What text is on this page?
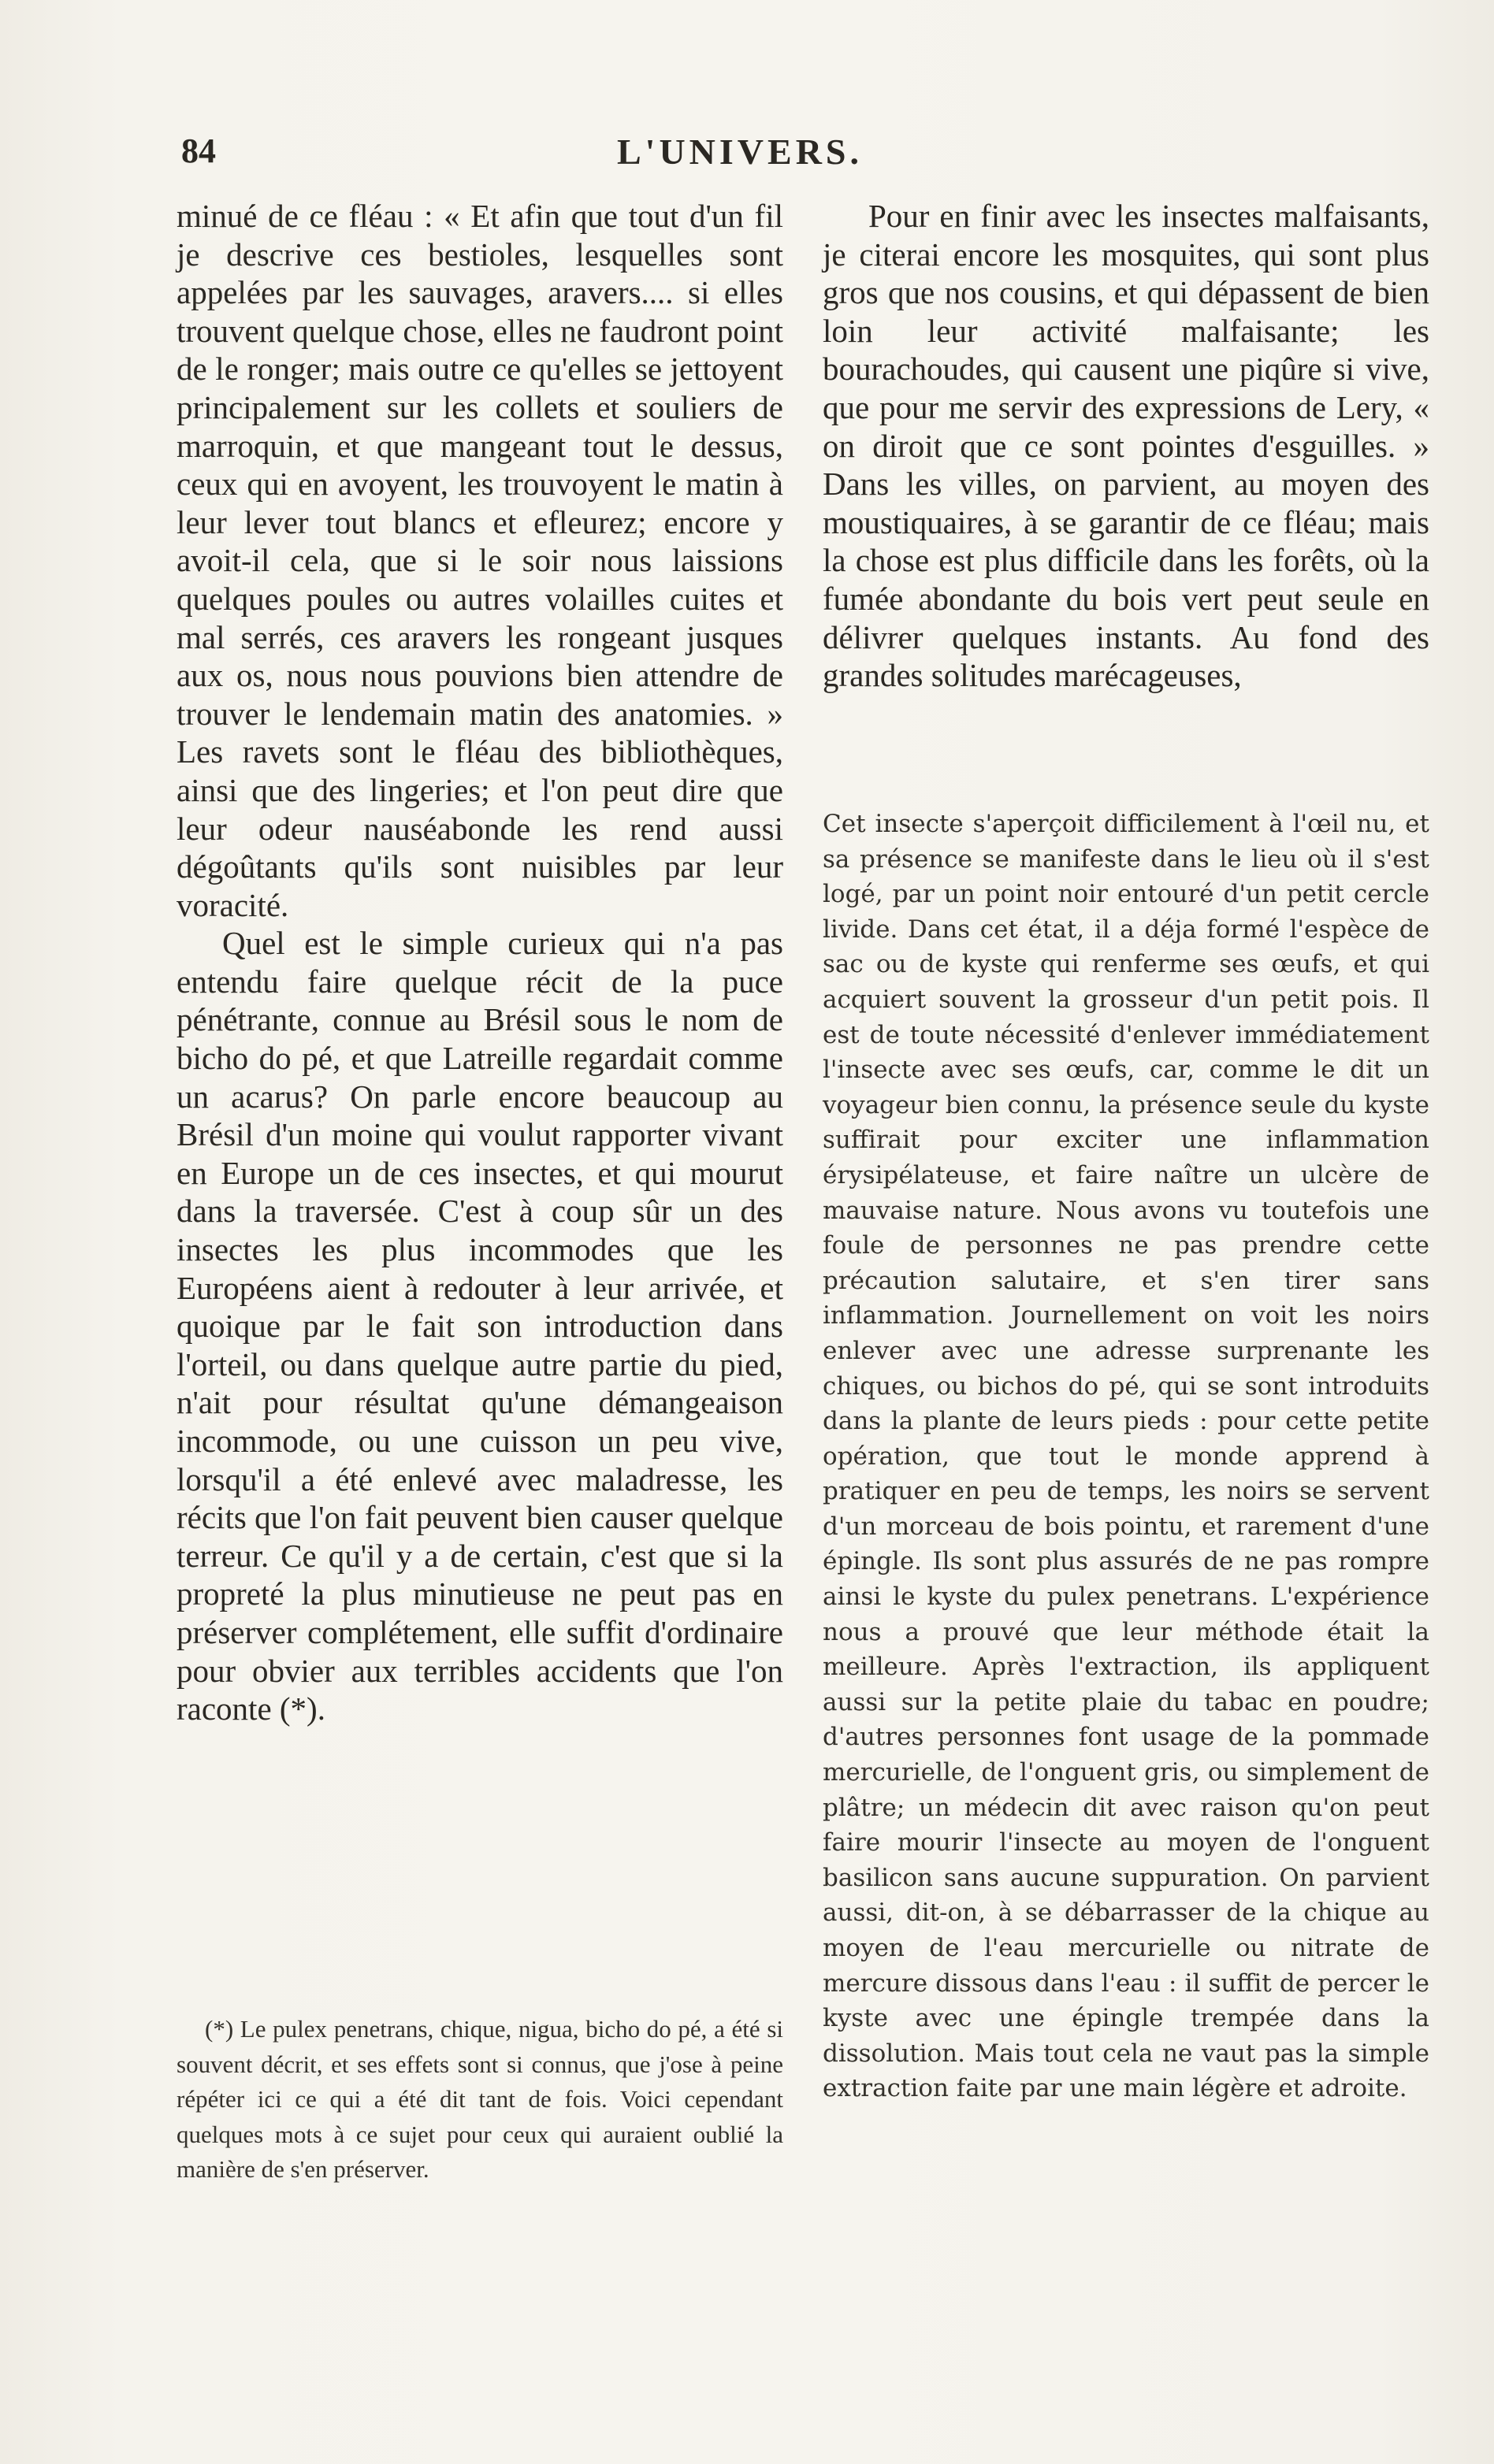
84	L'UNIVERS.

minué de ce fléau : « Et afin que tout d'un fil je descrive ces bestioles, lesquelles sont appelées par les sauvages, aravers.... si elles trouvent quelque chose, elles ne faudront point de le ronger; mais outre ce qu'elles se jettoyent principalement sur les collets et souliers de marroquin, et que mangeant tout le dessus, ceux qui en avoyent, les trouvoyent le matin à leur lever tout blancs et efleurez; encore y avoit-il cela, que si le soir nous laissions quelques poules ou autres volailles cuites et mal serrés, ces aravers les rongeant jusques aux os, nous nous pouvions bien attendre de trouver le lendemain matin des anatomies. » Les ravets sont le fléau des bibliothèques, ainsi que des lingeries; et l'on peut dire que leur odeur nauséabonde les rend aussi dégoûtants qu'ils sont nuisibles par leur voracité.

Quel est le simple curieux qui n'a pas entendu faire quelque récit de la puce pénétrante, connue au Brésil sous le nom de bicho do pé, et que Latreille regardait comme un acarus? On parle encore beaucoup au Brésil d'un moine qui voulut rapporter vivant en Europe un de ces insectes, et qui mourut dans la traversée. C'est à coup sûr un des insectes les plus incommodes que les Européens aient à redouter à leur arrivée, et quoique par le fait son introduction dans l'orteil, ou dans quelque autre partie du pied, n'ait pour résultat qu'une démangeaison incommode, ou une cuisson un peu vive, lorsqu'il a été enlevé avec maladresse, les récits que l'on fait peuvent bien causer quelque terreur. Ce qu'il y a de certain, c'est que si la propreté la plus minutieuse ne peut pas en préserver complétement, elle suffit d'ordinaire pour obvier aux terribles accidents que l'on raconte (*).

(*) Le pulex penetrans, chique, nigua, bicho do pé, a été si souvent décrit, et ses effets sont si connus, que j'ose à peine répéter ici ce qui a été dit tant de fois. Voici cependant quelques mots à ce sujet pour ceux qui auraient oublié la manière de s'en préserver.

Pour en finir avec les insectes malfaisants, je citerai encore les mosquites, qui sont plus gros que nos cousins, et qui dépassent de bien loin leur activité malfaisante; les bourachoudes, qui causent une piqûre si vive, que pour me servir des expressions de Lery, « on diroit que ce sont pointes d'esguilles. » Dans les villes, on parvient, au moyen des moustiquaires, à se garantir de ce fléau; mais la chose est plus difficile dans les forêts, où la fumée abondante du bois vert peut seule en délivrer quelques instants. Au fond des grandes solitudes marécageuses,

Cet insecte s'aperçoit difficilement à l'œil nu, et sa présence se manifeste dans le lieu où il s'est logé, par un point noir entouré d'un petit cercle livide. Dans cet état, il a déja formé l'espèce de sac ou de kyste qui renferme ses œufs, et qui acquiert souvent la grosseur d'un petit pois. Il est de toute nécessité d'enlever immédiatement l'insecte avec ses œufs, car, comme le dit un voyageur bien connu, la présence seule du kyste suffirait pour exciter une inflammation érysipélateuse, et faire naître un ulcère de mauvaise nature. Nous avons vu toutefois une foule de personnes ne pas prendre cette précaution salutaire, et s'en tirer sans inflammation. Journellement on voit les noirs enlever avec une adresse surprenante les chiques, ou bichos do pé, qui se sont introduits dans la plante de leurs pieds : pour cette petite opération, que tout le monde apprend à pratiquer en peu de temps, les noirs se servent d'un morceau de bois pointu, et rarement d'une épingle. Ils sont plus assurés de ne pas rompre ainsi le kyste du pulex penetrans. L'expérience nous a prouvé que leur méthode était la meilleure. Après l'extraction, ils appliquent aussi sur la petite plaie du tabac en poudre; d'autres personnes font usage de la pommade mercurielle, de l'onguent gris, ou simplement de plâtre; un médecin dit avec raison qu'on peut faire mourir l'insecte au moyen de l'onguent basilicon sans aucune suppuration. On parvient aussi, dit-on, à se débarrasser de la chique au moyen de l'eau mercurielle ou nitrate de mercure dissous dans l'eau : il suffit de percer le kyste avec une épingle trempée dans la dissolution. Mais tout cela ne vaut pas la simple extraction faite par une main légère et adroite.
